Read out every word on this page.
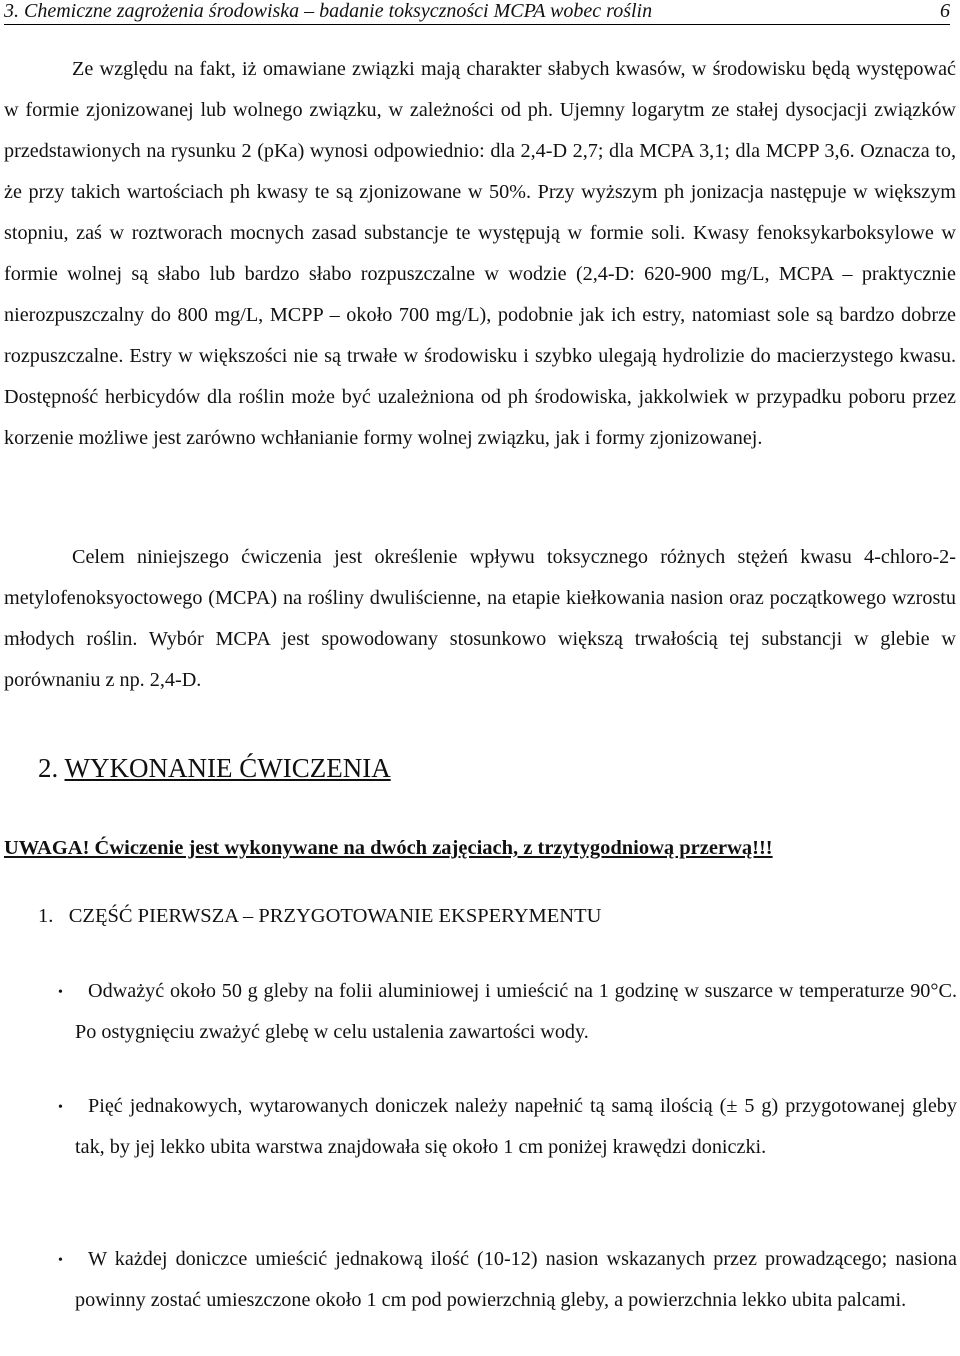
3. Chemiczne zagrożenia środowiska – badanie toksyczności MCPA wobec roślin	6

Ze względu na fakt, iż omawiane związki mają charakter słabych kwasów, w środowisku będą występować w formie zjonizowanej lub wolnego związku, w zależności od ph. Ujemny logarytm ze stałej dysocjacji związków przedstawionych na rysunku 2 (pKa) wynosi odpowiednio: dla 2,4-D 2,7; dla MCPA 3,1; dla MCPP 3,6. Oznacza to, że przy takich wartościach ph kwasy te są zjonizowane w 50%. Przy wyższym ph jonizacja następuje w większym stopniu, zaś w roztworach mocnych zasad substancje te występują w formie soli. Kwasy fenoksykarboksylowe w formie wolnej są słabo lub bardzo słabo rozpuszczalne w wodzie (2,4-D: 620-900 mg/L, MCPA – praktycznie nierozpuszczalny do 800 mg/L, MCPP – około 700 mg/L), podobnie jak ich estry, natomiast sole są bardzo dobrze rozpuszczalne. Estry w większości nie są trwałe w środowisku i szybko ulegają hydrolizie do macierzystego kwasu. Dostępność herbicydów dla roślin może być uzależniona od ph środowiska, jakkolwiek w przypadku poboru przez korzenie możliwe jest zarówno wchłanianie formy wolnej związku, jak i formy zjonizowanej.

Celem niniejszego ćwiczenia jest określenie wpływu toksycznego różnych stężeń kwasu 4-chloro-2-metylofenoksyoctowego (MCPA) na rośliny dwuliścienne, na etapie kiełkowania nasion oraz początkowego wzrostu młodych roślin. Wybór MCPA jest spowodowany stosunkowo większą trwałością tej substancji w glebie w porównaniu z np. 2,4-D.

2. WYKONANIE ĆWICZENIA

UWAGA! Ćwiczenie jest wykonywane na dwóch zajęciach, z trzytygodniową przerwą!!!

1. CZĘŚĆ PIERWSZA – PRZYGOTOWANIE EKSPERYMENTU
•	Odważyć około 50 g gleby na folii aluminiowej i umieścić na 1 godzinę w suszarce w temperaturze 90°C. Po ostygnięciu zważyć glebę w celu ustalenia zawartości wody.

•	Pięć jednakowych, wytarowanych doniczek należy napełnić tą samą ilością (± 5 g) przygotowanej gleby tak, by jej lekko ubita warstwa znajdowała się około 1 cm poniżej krawędzi doniczki.

•	W każdej doniczce umieścić jednakową ilość (10-12) nasion wskazanych przez prowadzącego; nasiona powinny zostać umieszczone około 1 cm pod powierzchnią gleby, a powierzchnia lekko ubita palcami.
